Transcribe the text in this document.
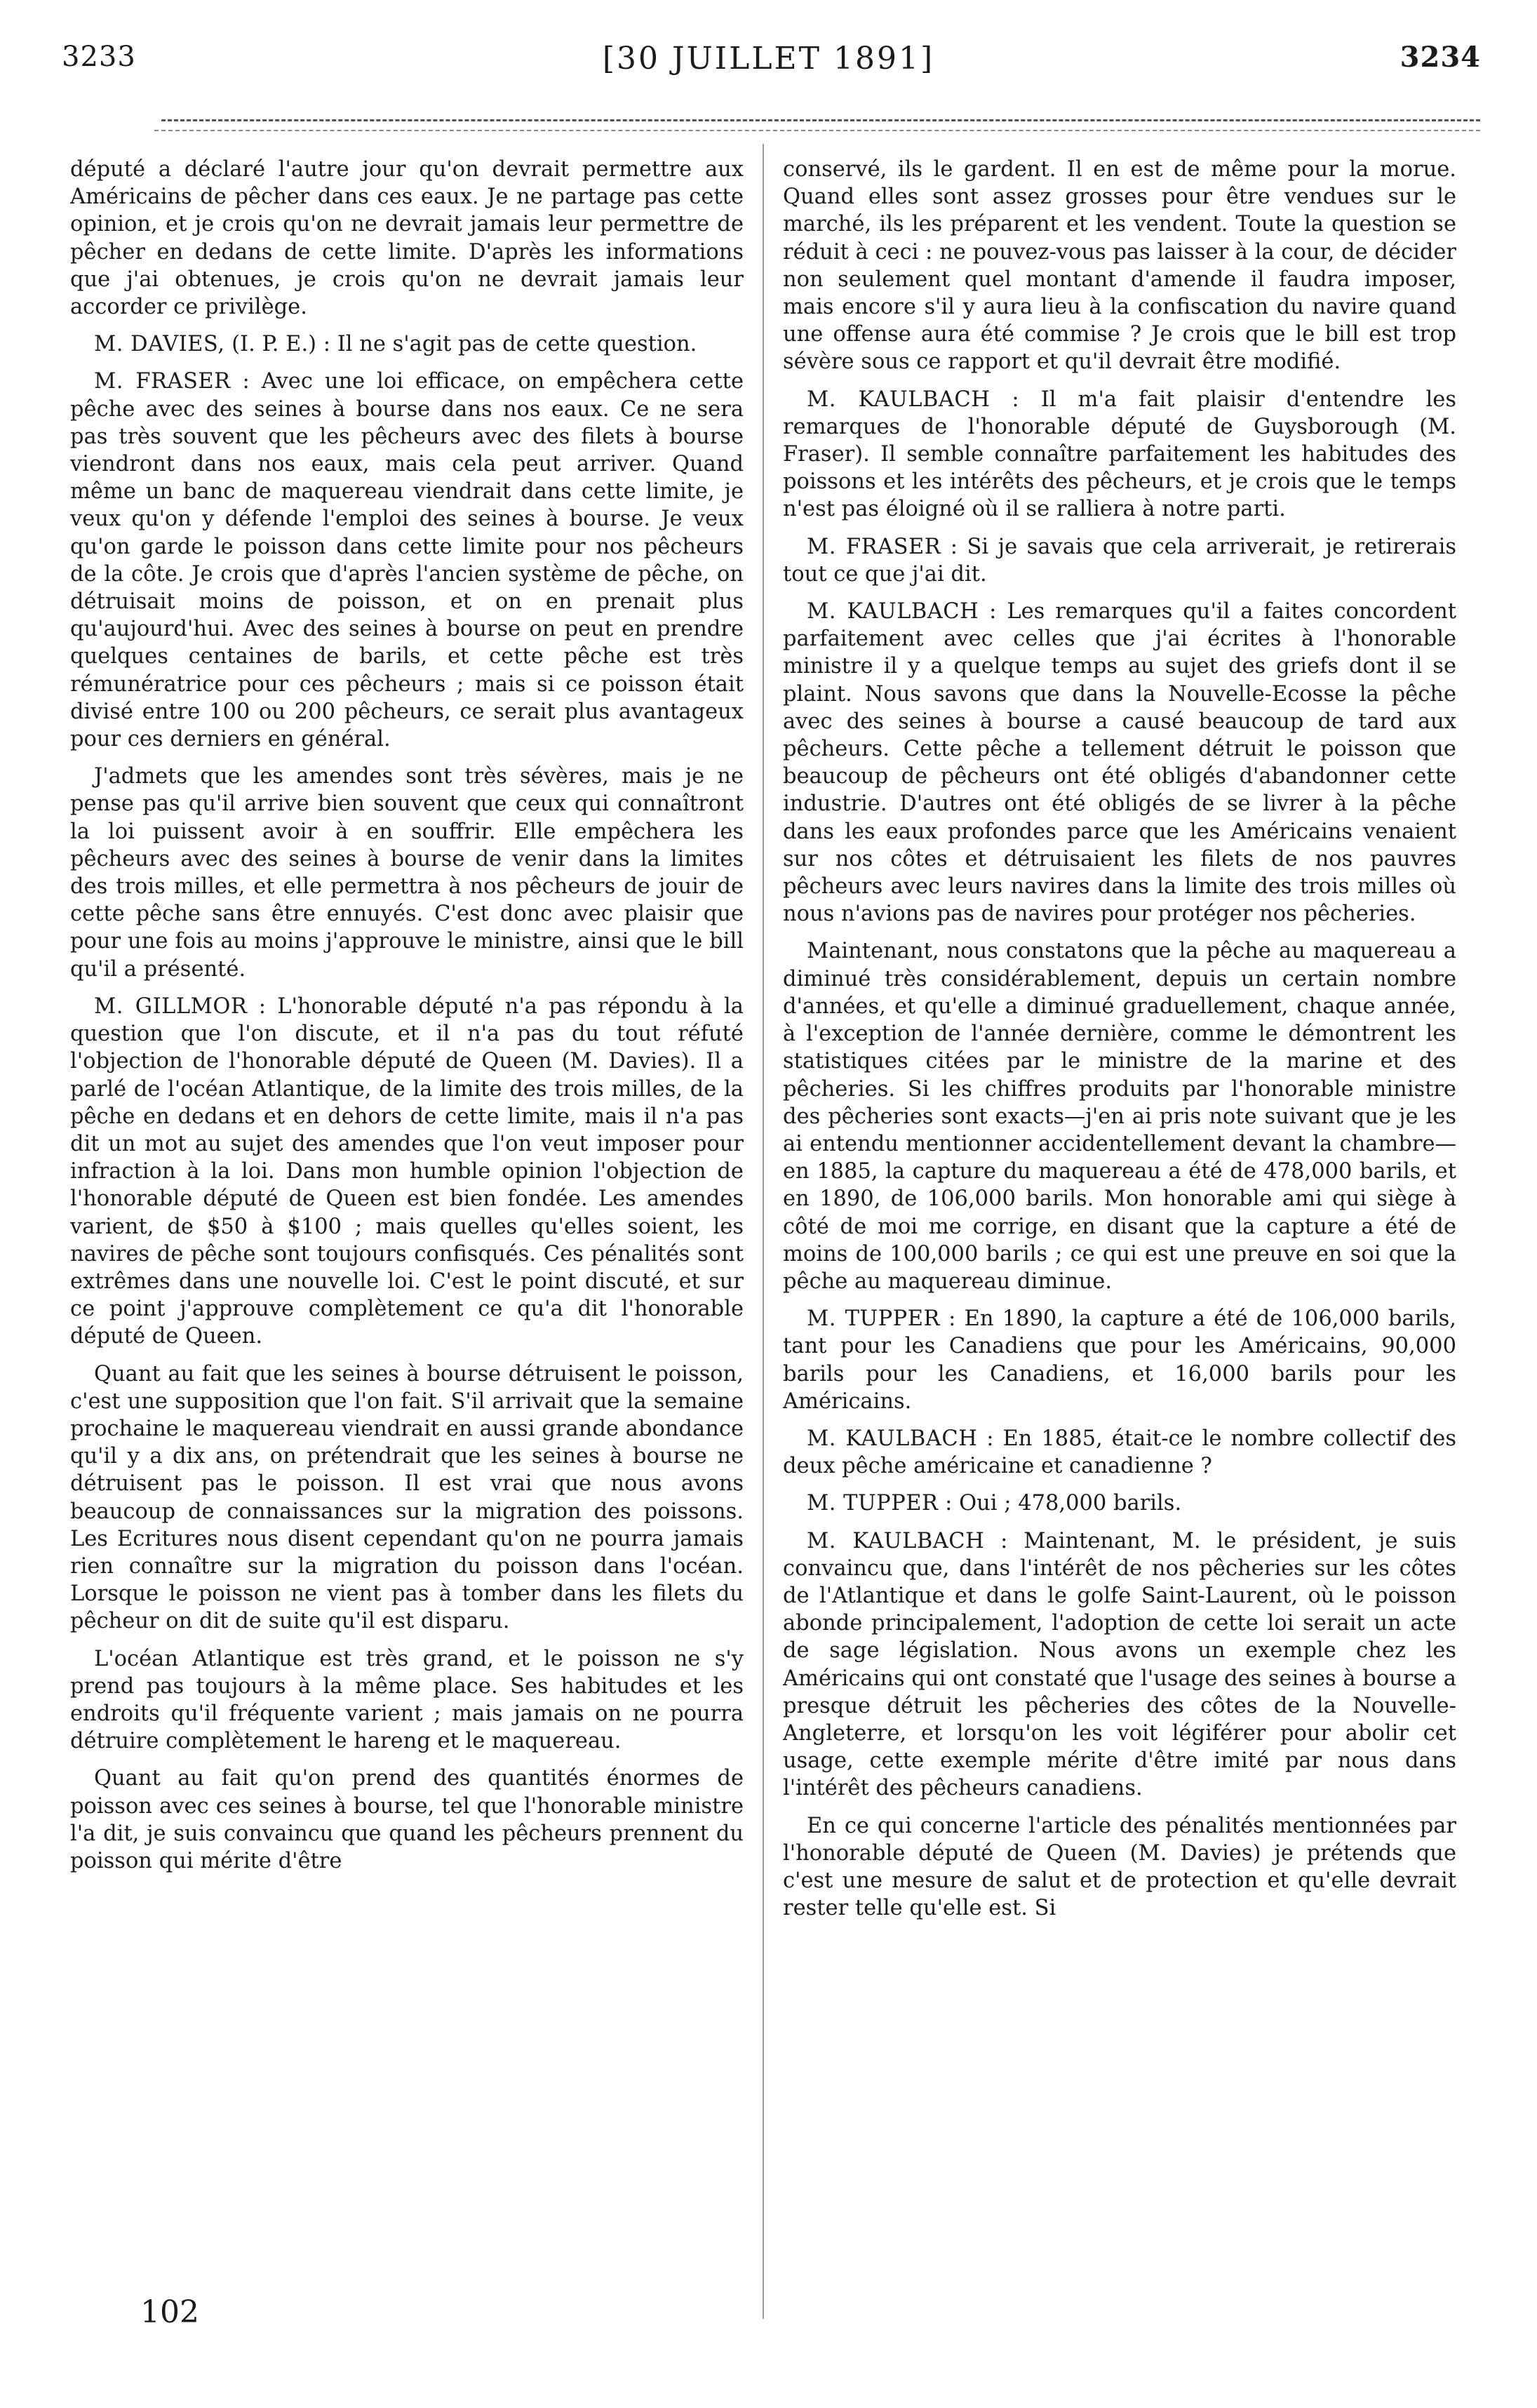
3233	[30 JUILLET 1891]	3234

député a déclaré l'autre jour qu'on devrait permettre aux Américains de pêcher dans ces eaux. Je ne partage pas cette opinion, et je crois qu'on ne devrait jamais leur permettre de pêcher en dedans de cette limite. D'après les informations que j'ai obtenues, je crois qu'on ne devrait jamais leur accorder ce privilège.

M. DAVIES, (I. P. E.) : Il ne s'agit pas de cette question.

M. FRASER : Avec une loi efficace, on empêchera cette pêche avec des seines à bourse dans nos eaux. Ce ne sera pas très souvent que les pêcheurs avec des filets à bourse viendront dans nos eaux, mais cela peut arriver. Quand même un banc de maquereau viendrait dans cette limite, je veux qu'on y défende l'emploi des seines à bourse. Je veux qu'on garde le poisson dans cette limite pour nos pêcheurs de la côte. Je crois que d'après l'ancien système de pêche, on détruisait moins de poisson, et on en prenait plus qu'aujourd'hui. Avec des seines à bourse on peut en prendre quelques centaines de barils, et cette pêche est très rémunératrice pour ces pêcheurs ; mais si ce poisson était divisé entre 100 ou 200 pêcheurs, ce serait plus avantageux pour ces derniers en général.

J'admets que les amendes sont très sévères, mais je ne pense pas qu'il arrive bien souvent que ceux qui connaîtront la loi puissent avoir à en souffrir. Elle empêchera les pêcheurs avec des seines à bourse de venir dans la limites des trois milles, et elle permettra à nos pêcheurs de jouir de cette pêche sans être ennuyés. C'est donc avec plaisir que pour une fois au moins j'approuve le ministre, ainsi que le bill qu'il a présenté.

M. GILLMOR : L'honorable député n'a pas répondu à la question que l'on discute, et il n'a pas du tout réfuté l'objection de l'honorable député de Queen (M. Davies). Il a parlé de l'océan Atlantique, de la limite des trois milles, de la pêche en dedans et en dehors de cette limite, mais il n'a pas dit un mot au sujet des amendes que l'on veut imposer pour infraction à la loi. Dans mon humble opinion l'objection de l'honorable député de Queen est bien fondée. Les amendes varient, de $50 à $100 ; mais quelles qu'elles soient, les navires de pêche sont toujours confisqués. Ces pénalités sont extrêmes dans une nouvelle loi. C'est le point discuté, et sur ce point j'approuve complètement ce qu'a dit l'honorable député de Queen.

Quant au fait que les seines à bourse détruisent le poisson, c'est une supposition que l'on fait. S'il arrivait que la semaine prochaine le maquereau viendrait en aussi grande abondance qu'il y a dix ans, on prétendrait que les seines à bourse ne détruisent pas le poisson. Il est vrai que nous avons beaucoup de connaissances sur la migration des poissons. Les Ecritures nous disent cependant qu'on ne pourra jamais rien connaître sur la migration du poisson dans l'océan. Lorsque le poisson ne vient pas à tomber dans les filets du pêcheur on dit de suite qu'il est disparu.

L'océan Atlantique est très grand, et le poisson ne s'y prend pas toujours à la même place. Ses habitudes et les endroits qu'il fréquente varient ; mais jamais on ne pourra détruire complètement le hareng et le maquereau.

Quant au fait qu'on prend des quantités énormes de poisson avec ces seines à bourse, tel que l'honorable ministre l'a dit, je suis convaincu que quand les pêcheurs prennent du poisson qui mérite d'être

conservé, ils le gardent. Il en est de même pour la morue. Quand elles sont assez grosses pour être vendues sur le marché, ils les préparent et les vendent. Toute la question se réduit à ceci : ne pouvez-vous pas laisser à la cour, de décider non seulement quel montant d'amende il faudra imposer, mais encore s'il y aura lieu à la confiscation du navire quand une offense aura été commise ? Je crois que le bill est trop sévère sous ce rapport et qu'il devrait être modifié.

M. KAULBACH : Il m'a fait plaisir d'entendre les remarques de l'honorable député de Guysborough (M. Fraser). Il semble connaître parfaitement les habitudes des poissons et les intérêts des pêcheurs, et je crois que le temps n'est pas éloigné où il se ralliera à notre parti.

M. FRASER : Si je savais que cela arriverait, je retirerais tout ce que j'ai dit.

M. KAULBACH : Les remarques qu'il a faites concordent parfaitement avec celles que j'ai écrites à l'honorable ministre il y a quelque temps au sujet des griefs dont il se plaint. Nous savons que dans la Nouvelle-Ecosse la pêche avec des seines à bourse a causé beaucoup de tard aux pêcheurs. Cette pêche a tellement détruit le poisson que beaucoup de pêcheurs ont été obligés d'abandonner cette industrie. D'autres ont été obligés de se livrer à la pêche dans les eaux profondes parce que les Américains venaient sur nos côtes et détruisaient les filets de nos pauvres pêcheurs avec leurs navires dans la limite des trois milles où nous n'avions pas de navires pour protéger nos pêcheries.

Maintenant, nous constatons que la pêche au maquereau a diminué très considérablement, depuis un certain nombre d'années, et qu'elle a diminué graduellement, chaque année, à l'exception de l'année dernière, comme le démontrent les statistiques citées par le ministre de la marine et des pêcheries. Si les chiffres produits par l'honorable ministre des pêcheries sont exacts—j'en ai pris note suivant que je les ai entendu mentionner accidentellement devant la chambre—en 1885, la capture du maquereau a été de 478,000 barils, et en 1890, de 106,000 barils. Mon honorable ami qui siège à côté de moi me corrige, en disant que la capture a été de moins de 100,000 barils ; ce qui est une preuve en soi que la pêche au maquereau diminue.

M. TUPPER : En 1890, la capture a été de 106,000 barils, tant pour les Canadiens que pour les Américains, 90,000 barils pour les Canadiens, et 16,000 barils pour les Américains.

M. KAULBACH : En 1885, était-ce le nombre collectif des deux pêche américaine et canadienne ?

M. TUPPER : Oui ; 478,000 barils.

M. KAULBACH : Maintenant, M. le président, je suis convaincu que, dans l'intérêt de nos pêcheries sur les côtes de l'Atlantique et dans le golfe Saint-Laurent, où le poisson abonde principalement, l'adoption de cette loi serait un acte de sage législation. Nous avons un exemple chez les Américains qui ont constaté que l'usage des seines à bourse a presque détruit les pêcheries des côtes de la Nouvelle-Angleterre, et lorsqu'on les voit légiférer pour abolir cet usage, cette exemple mérite d'être imité par nous dans l'intérêt des pêcheurs canadiens.

En ce qui concerne l'article des pénalités mentionnées par l'honorable député de Queen (M. Davies) je prétends que c'est une mesure de salut et de protection et qu'elle devrait rester telle qu'elle est. Si

102
